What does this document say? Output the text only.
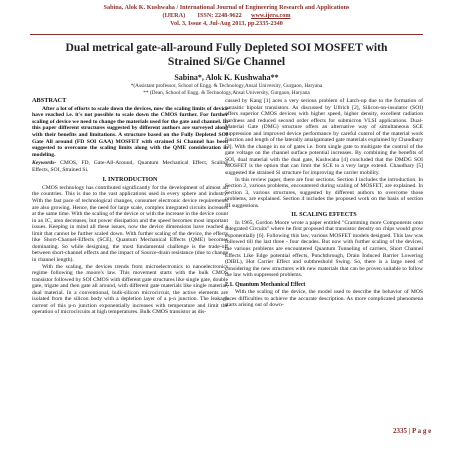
Sabina, Alok K. Kushwaha / International Journal of Engineering Research and Applications
(IJERA) ISSN: 2248-9622 www.ijera.com
Vol. 3, Issue 4, Jul-Aug 2013, pp.2335-2340
Dual metrical gate-all-around Fully Depleted SOI MOSFET with
Strained Si/Ge Channel
Sabina*, Alok K. Kushwaha**
*(Assistant professor, School of Engg. & Technology,Ansal University, Gurgaon, Haryana
** (Dean, School of Engg. & Technology,Ansal University, Gurgaon, Haryana
ABSTRACT

After a lot of efforts to scale down the devices, now the scaling limits of device have reached i.e. it's not possible to scale down the CMOS further. For further scaling of device we need to change the materials used for the gate and channel. In this paper different structures suggested by different authors are surveyed along with their benefits and limitations. A structure based on the Fully Depleted SOI Gate All around (FD SOI GAA) MOSFET with strained Si Channel has been suggested to overcome the scaling limits along with the QME consideration in modeling.

Keywords- CMOS, FD, Gate-All-Around, Quantum Mechanical Effect, Scaling Effects, SOI, Strained Si.
I. INTRODUCTION

CMOS technology has contributed significantly for the development of almost all the countries. This is due to the vast applications used in every sphere and industry. With the fast pace of technological changes, consumer electronic device requirements are also growing. Hence, the need for large scale, complex integrated circuits increases at the same time. With the scaling of the device or with the increase in the device count in an IC, area decreases, but power dissipation and the speed becomes most important issues. Keeping in mind all these issues, now the device dimensions have reached a limit that cannot be further scaled down. With further scaling of the device, the effects like Short-Channel-Effects (SCE), Quantum Mechanical Effects (QME) becomes dominating. So while designing, the most fundamental challenge is the trade-off between short-channel effects and the impact of Source-drain resistance (due to change in channel length).

With the scaling, the devices trends from microelectronics to nanoelectronics regime following the moore's law. This movement starts with the bulk CMOS transistor followed by SOI CMOS with different gate structures like single gate, double gate, trigate and then gate all around, with different gate materials like single material, dual material. In a conventional, bulk-silicon microcircuit, the active elements are isolated from the silicon body with a depletion layer of a p-n junction. The leakage current of this p-n junction exponentially increases with temperature and limit the operation of microcircuits at high temperatures. Bulk CMOS transistor as dis-

cussed by Kang [1] aces a very serious problem of Latch-up due to the formation of parasitic bipolar transistors. As discussed by Ullrich [2], Silicon-on-insulator (SOI) offers superior CMOS devices with higher speed, higher density, excellent radiation hardness and reduced second order effects for submicron VLSI applications. Dual-Material Gate (DMG) structure offers an alternative way of simultaneous SCE suppression and improved device performance by careful control of the material work function and length of the laterally amalgamated gate materials explained by Chaudhary [3]. With the change in no of gates i.e. from single gate to multigate the control of the gate voltage on the channel surface potential increases. By combining the benefits of SOI, dual material with the dual gate, Kushwaha [4] concluded that the DMDG SOI MOSFET is the option that can limit the SCE to a very large extend. Chaudhary [5] suggested the strained Si structure for improving the carrier mobility.

In this review paper, there are four sections. Section I includes the introduction. In Section 2, various problems, encountered during scaling of MOSFET, are explained. In Section 3, various structures, suggested by different authors to overcome those problems, are explained. Section 4 includes the proposed work on the basis of section III suggestions.

II. SCALING EFFECTS

In 1965, Gordon Moore wrote a paper entitled "Cramming more Components onto Integrated Circuits" where he first proposed that transistor density on chips would grow exponentially [6]. Following this law, various MOSFET models designed. This law was followed till the last three - four decades. But now with further scaling of the devices, the various problems are encountered Quantum Tunneling of carriers, Short Channel Effects Like Edge potential effects, Punchthrough, Drain Induced Barrier Lowering (DIBL), Hot Carrier Effect and subthreshold Swing. So, there is a large need of considering the new structures with new materials that can be proven suitable to follow the law with suppressed problems.

2.1. Quantum Mechanical Effect

With the scaling of the device, the model used to describe the behavior of MOS faces difficulties to achieve the accurate description. As more complicated phenomena starts arising out of down-

2335 | P a g e
